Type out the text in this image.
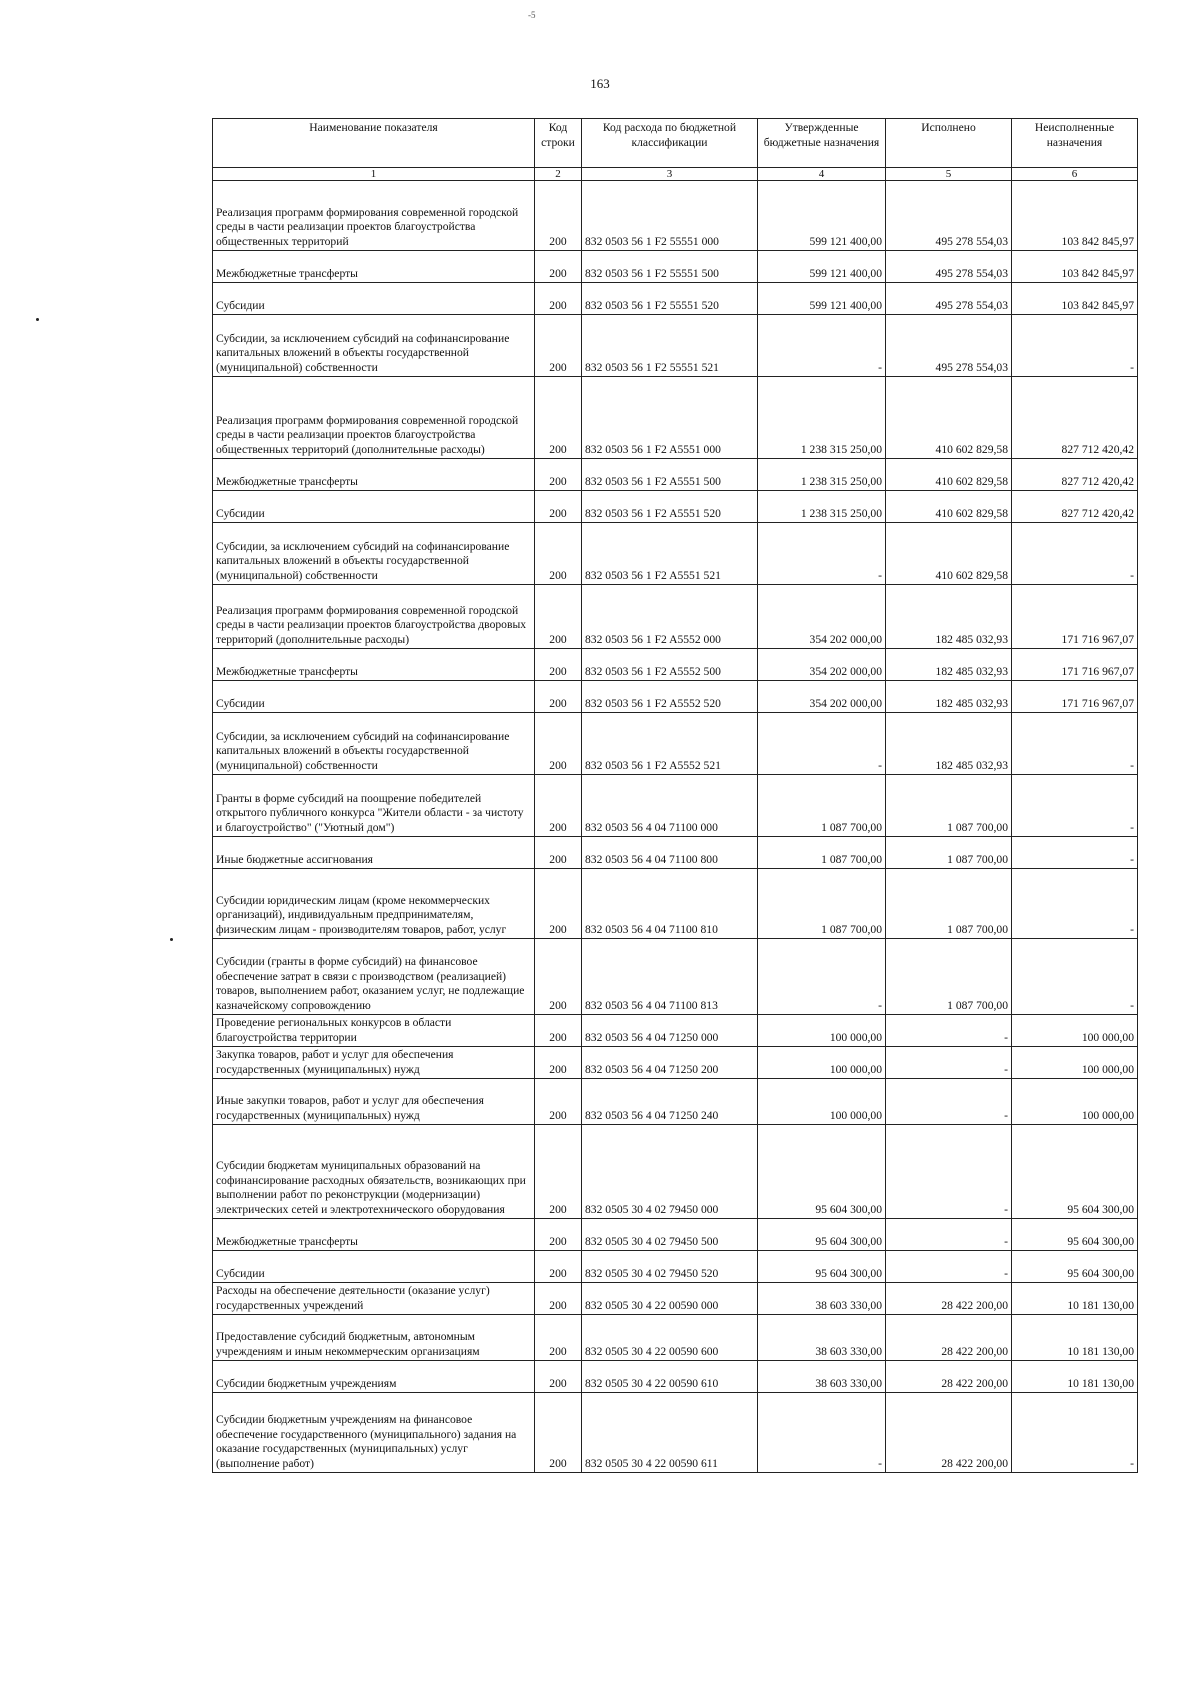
-5
163
Наименование показателя	Код строки	Код расхода по бюджетной классификации	Утвержденные бюджетные назначения	Исполнено	Неисполненные назначения
1	2	3	4	5	6
Реализация программ формирования современной городской среды в части реализации проектов благоустройства общественных территорий	200	832 0503 56 1 F2 55551 000	599 121 400,00	495 278 554,03	103 842 845,97
Межбюджетные трансферты	200	832 0503 56 1 F2 55551 500	599 121 400,00	495 278 554,03	103 842 845,97
Субсидии	200	832 0503 56 1 F2 55551 520	599 121 400,00	495 278 554,03	103 842 845,97
Субсидии, за исключением субсидий на софинансирование капитальных вложений в объекты государственной (муниципальной) собственности	200	832 0503 56 1 F2 55551 521	-	495 278 554,03	-
Реализация программ формирования современной городской среды в части реализации проектов благоустройства общественных территорий (дополнительные расходы)	200	832 0503 56 1 F2 A5551 000	1 238 315 250,00	410 602 829,58	827 712 420,42
Межбюджетные трансферты	200	832 0503 56 1 F2 A5551 500	1 238 315 250,00	410 602 829,58	827 712 420,42
Субсидии	200	832 0503 56 1 F2 A5551 520	1 238 315 250,00	410 602 829,58	827 712 420,42
Субсидии, за исключением субсидий на софинансирование капитальных вложений в объекты государственной (муниципальной) собственности	200	832 0503 56 1 F2 A5551 521	-	410 602 829,58	-
Реализация программ формирования современной городской среды в части реализации проектов благоустройства дворовых территорий (дополнительные расходы)	200	832 0503 56 1 F2 A5552 000	354 202 000,00	182 485 032,93	171 716 967,07
Межбюджетные трансферты	200	832 0503 56 1 F2 A5552 500	354 202 000,00	182 485 032,93	171 716 967,07
Субсидии	200	832 0503 56 1 F2 A5552 520	354 202 000,00	182 485 032,93	171 716 967,07
Субсидии, за исключением субсидий на софинансирование капитальных вложений в объекты государственной (муниципальной) собственности	200	832 0503 56 1 F2 A5552 521	-	182 485 032,93	-
Гранты в форме субсидий на поощрение победителей открытого публичного конкурса "Жители области - за чистоту и благоустройство" ("Уютный дом")	200	832 0503 56 4 04 71100 000	1 087 700,00	1 087 700,00	-
Иные бюджетные ассигнования	200	832 0503 56 4 04 71100 800	1 087 700,00	1 087 700,00	-
Субсидии юридическим лицам (кроме некоммерческих организаций), индивидуальным предпринимателям, физическим лицам - производителям товаров, работ, услуг	200	832 0503 56 4 04 71100 810	1 087 700,00	1 087 700,00	-
Субсидии (гранты в форме субсидий) на финансовое обеспечение затрат в связи с производством (реализацией) товаров, выполнением работ, оказанием услуг, не подлежащие казначейскому сопровождению	200	832 0503 56 4 04 71100 813	-	1 087 700,00	-
Проведение региональных конкурсов в области благоустройства территории	200	832 0503 56 4 04 71250 000	100 000,00	-	100 000,00
Закупка товаров, работ и услуг для обеспечения государственных (муниципальных) нужд	200	832 0503 56 4 04 71250 200	100 000,00	-	100 000,00
Иные закупки товаров, работ и услуг для обеспечения государственных (муниципальных) нужд	200	832 0503 56 4 04 71250 240	100 000,00	-	100 000,00
Субсидии бюджетам муниципальных образований на софинансирование расходных обязательств, возникающих при выполнении работ по реконструкции (модернизации) электрических сетей и электротехнического оборудования	200	832 0505 30 4 02 79450 000	95 604 300,00	-	95 604 300,00
Межбюджетные трансферты	200	832 0505 30 4 02 79450 500	95 604 300,00	-	95 604 300,00
Субсидии	200	832 0505 30 4 02 79450 520	95 604 300,00	-	95 604 300,00
Расходы на обеспечение деятельности (оказание услуг) государственных учреждений	200	832 0505 30 4 22 00590 000	38 603 330,00	28 422 200,00	10 181 130,00
Предоставление субсидий бюджетным, автономным учреждениям и иным некоммерческим организациям	200	832 0505 30 4 22 00590 600	38 603 330,00	28 422 200,00	10 181 130,00
Субсидии бюджетным учреждениям	200	832 0505 30 4 22 00590 610	38 603 330,00	28 422 200,00	10 181 130,00
Субсидии бюджетным учреждениям на финансовое обеспечение государственного (муниципального) задания на оказание государственных (муниципальных) услуг (выполнение работ)	200	832 0505 30 4 22 00590 611	-	28 422 200,00	-
